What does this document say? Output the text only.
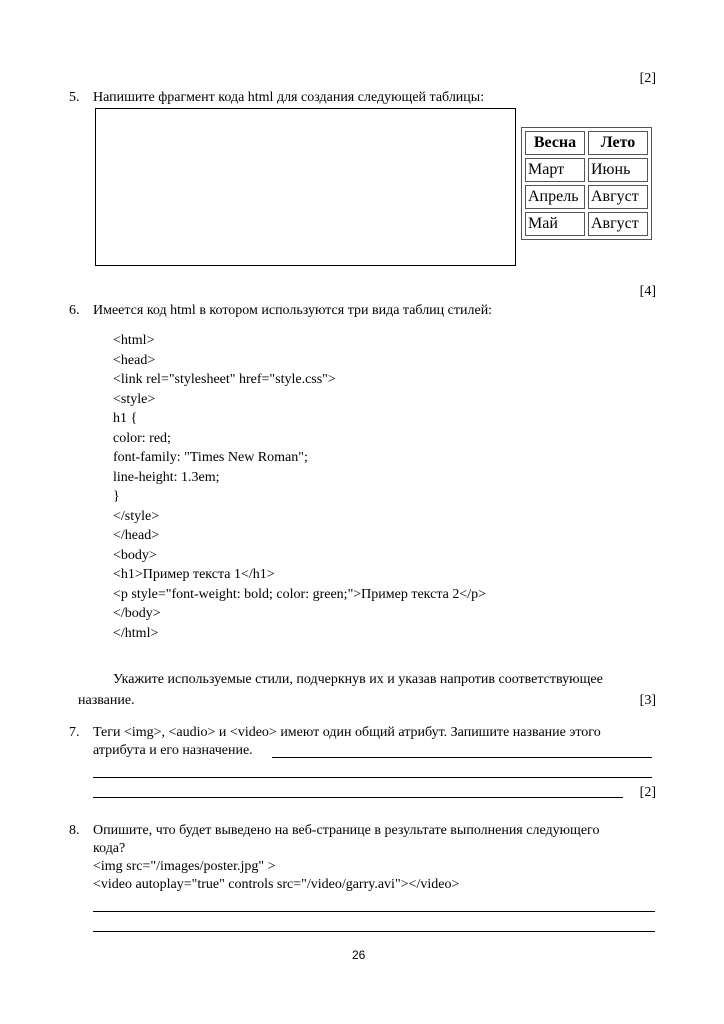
[2]
5. Напишите фрагмент кода html для создания следующей таблицы:
Весна	Лето
Март	Июнь
Апрель	Август
Май	Август
[4]
6. Имеется код html в котором используются три вида таблиц стилей:
<html>
<head>
<link rel="stylesheet" href="style.css">
<style>
h1 {
color: red;
font-family: "Times New Roman";
line-height: 1.3em;
}
</style>
</head>
<body>
<h1>Пример текста 1</h1>
<p style="font-weight: bold; color: green;">Пример текста 2</p>
</body>
</html>
Укажите используемые стили, подчеркнув их и указав напротив соответствующее
название.	[3]
7. Теги <img>, <audio> и <video> имеют один общий атрибут. Запишите название этого
атрибута и его назначение.
[2]
8. Опишите, что будет выведено на веб-странице в результате выполнения следующего
кода?
<img src="/images/poster.jpg" >
<video autoplay="true" controls src="/video/garry.avi"></video>
26
